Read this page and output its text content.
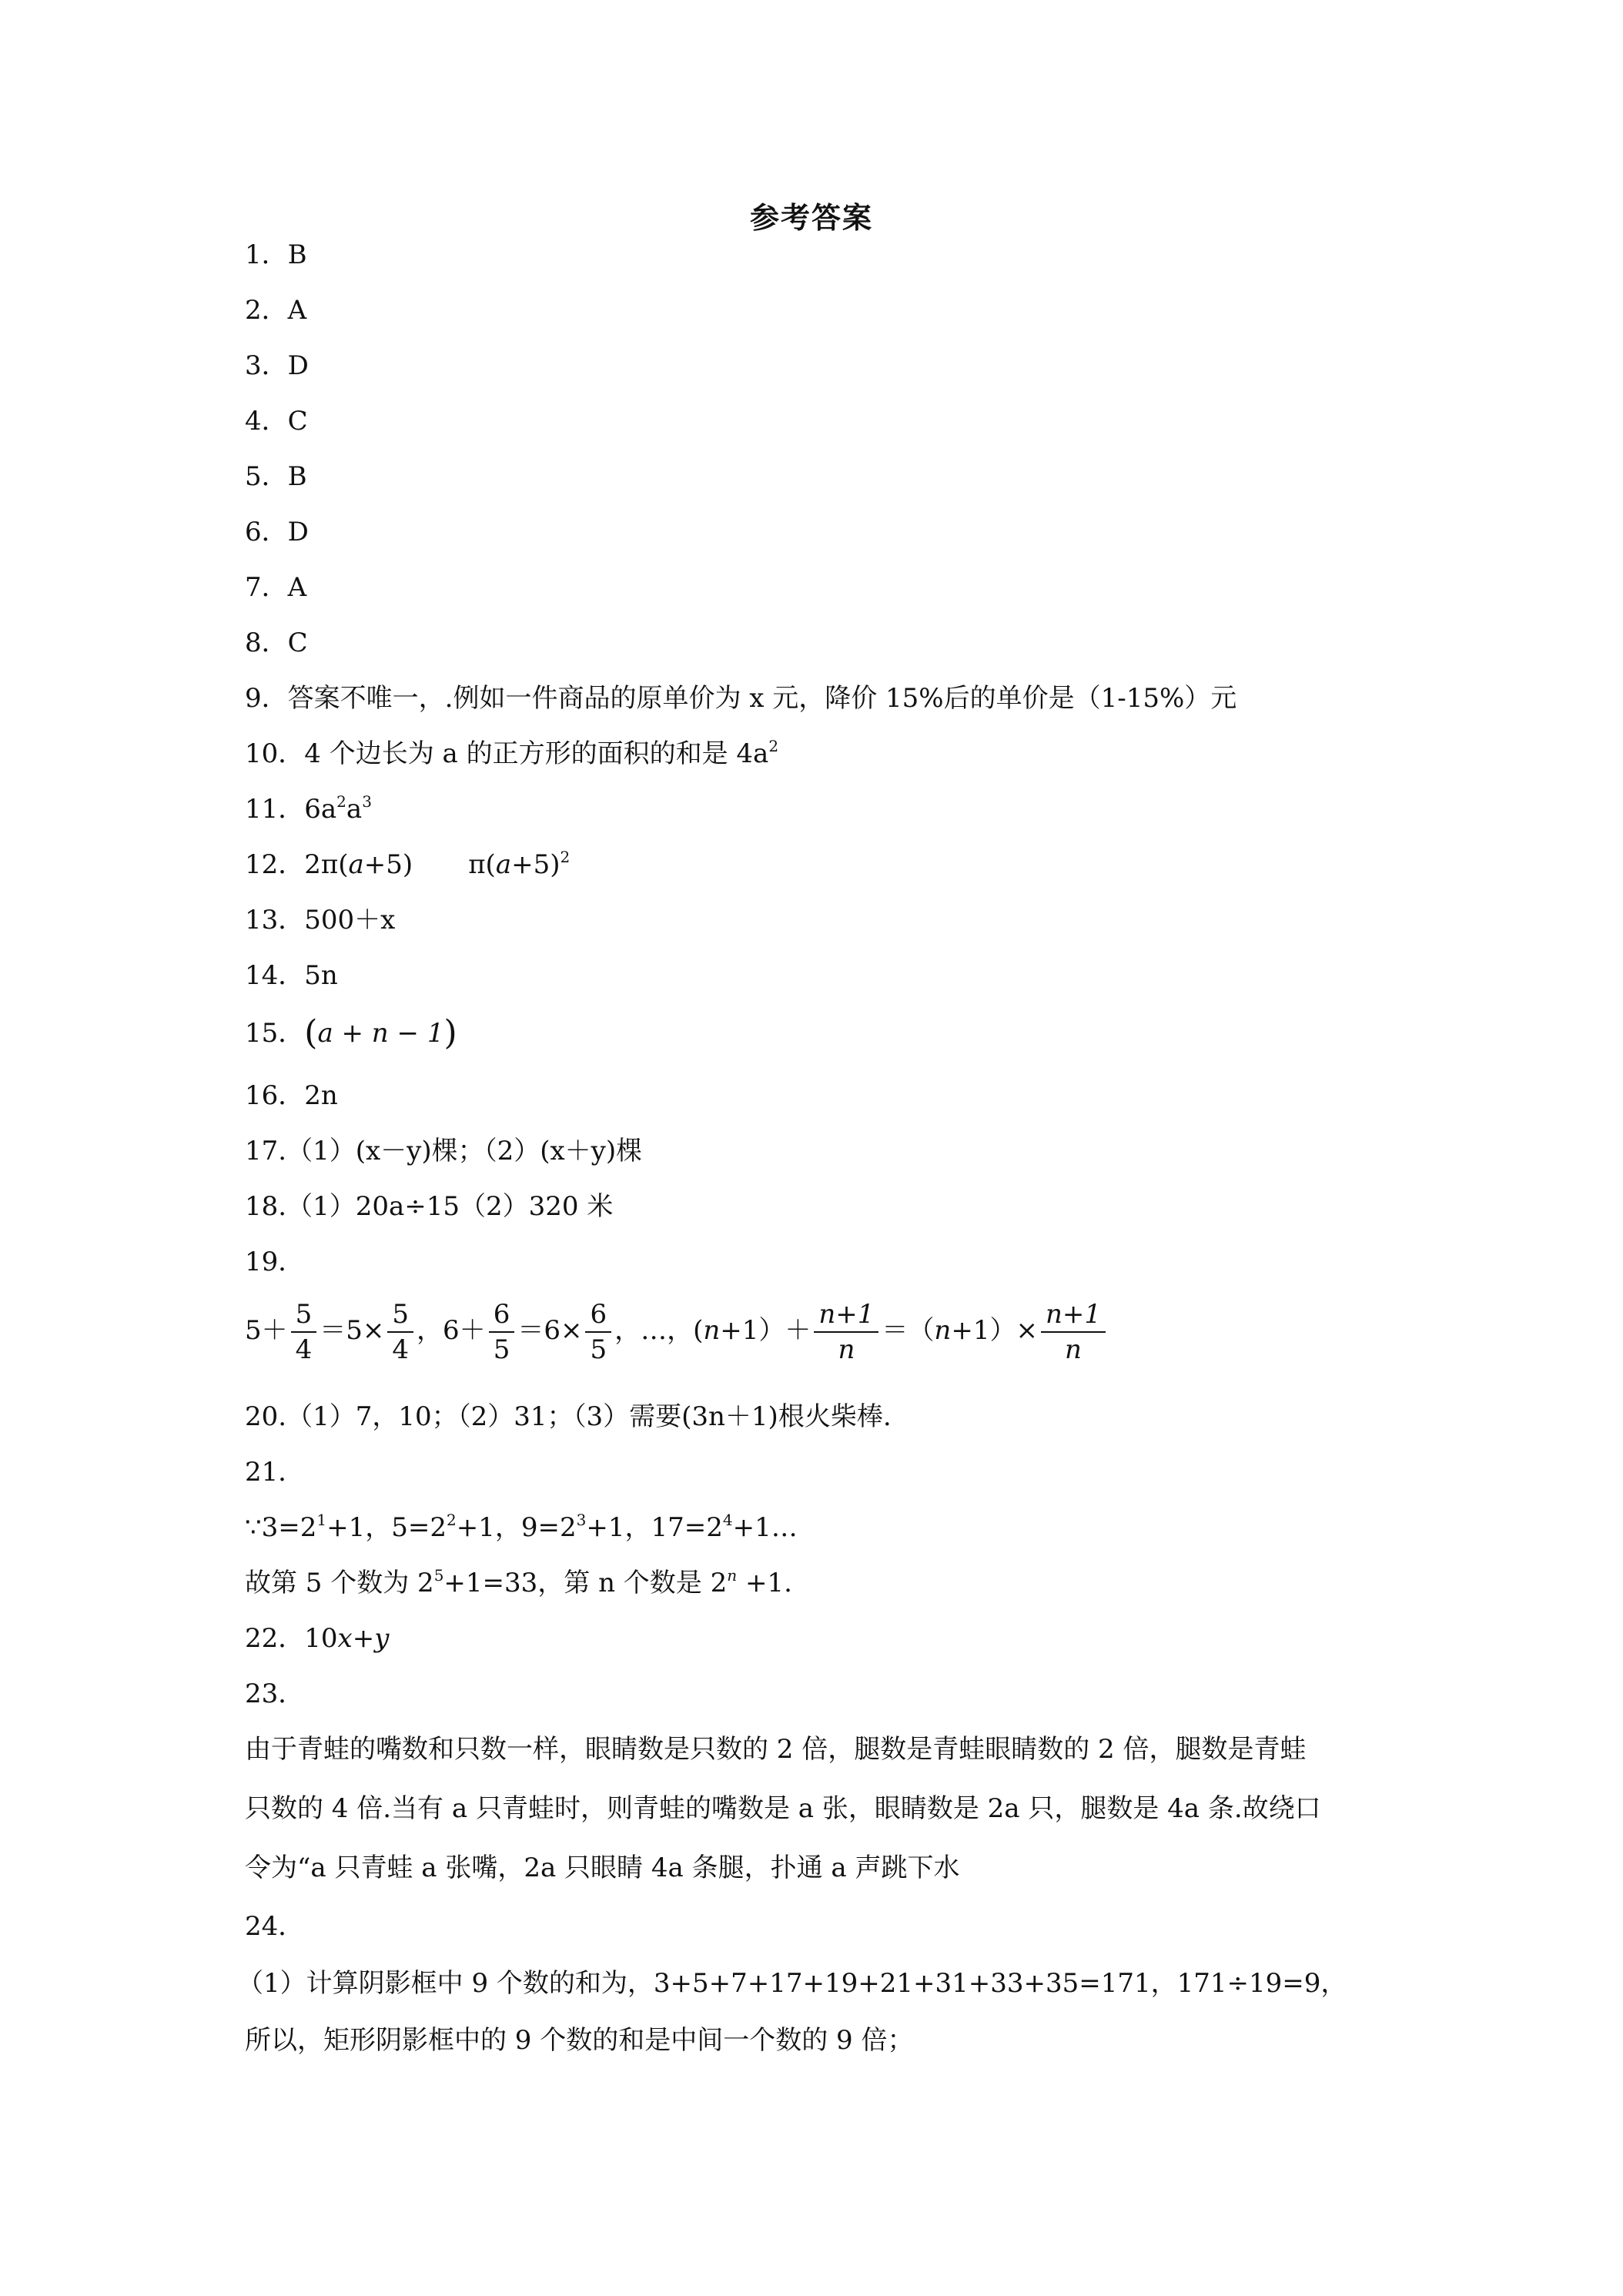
参考答案
1．B
2．A
3．D
4．C
5．B
6．D
7．A
8．C
9．答案不唯一，.例如一件商品的原单价为 x 元，降价 15%后的单价是（1-15%）元
10．4 个边长为 a 的正方形的面积的和是 $4a^2$
11．$6a^2a^3$
12．2π(a+5) $\pi(a+5)^2$
13．500＋x
14．5n
15．(a + n − 1)
16．2n
17.（1）(x－y)棵；（2）(x＋y)棵
18.（1）20a÷15（2）320 米
19．
$5+ \frac{5}{4} =5\times \frac{5}{4}$ ，$6+ \frac{6}{5} =6\times \frac{6}{5}$ ，…，$(n+1)+ \frac{n+1}{n} =(n+1)\times \frac{n+1}{n}$
20.（1）7，10；（2）31；（3）需要(3n＋1)根火柴棒.
21．
$\because 3=2^1+1$，$5=2^2+1$，$9=2^3+1$，$17=2^4+1\dots$
故第 5 个数为 $2^5+1=33$，第 n 个数是 $2^n +1$.
22．10x+y
23．
由于青蛙的嘴数和只数一样，眼睛数是只数的 2 倍，腿数是青蛙眼睛数的 2 倍，腿数是青蛙
只数的 4 倍.当有 a 只青蛙时，则青蛙的嘴数是 a 张，眼睛数是 2a 只，腿数是 4a 条.故绕口
令为“a 只青蛙 a 张嘴，2a 只眼睛 4a 条腿，扑通 a 声跳下水
24．
（1）计算阴影框中 9 个数的和为，3+5+7+17+19+21+31+33+35=171，171÷19=9，
所以，矩形阴影框中的 9 个数的和是中间一个数的 9 倍；
